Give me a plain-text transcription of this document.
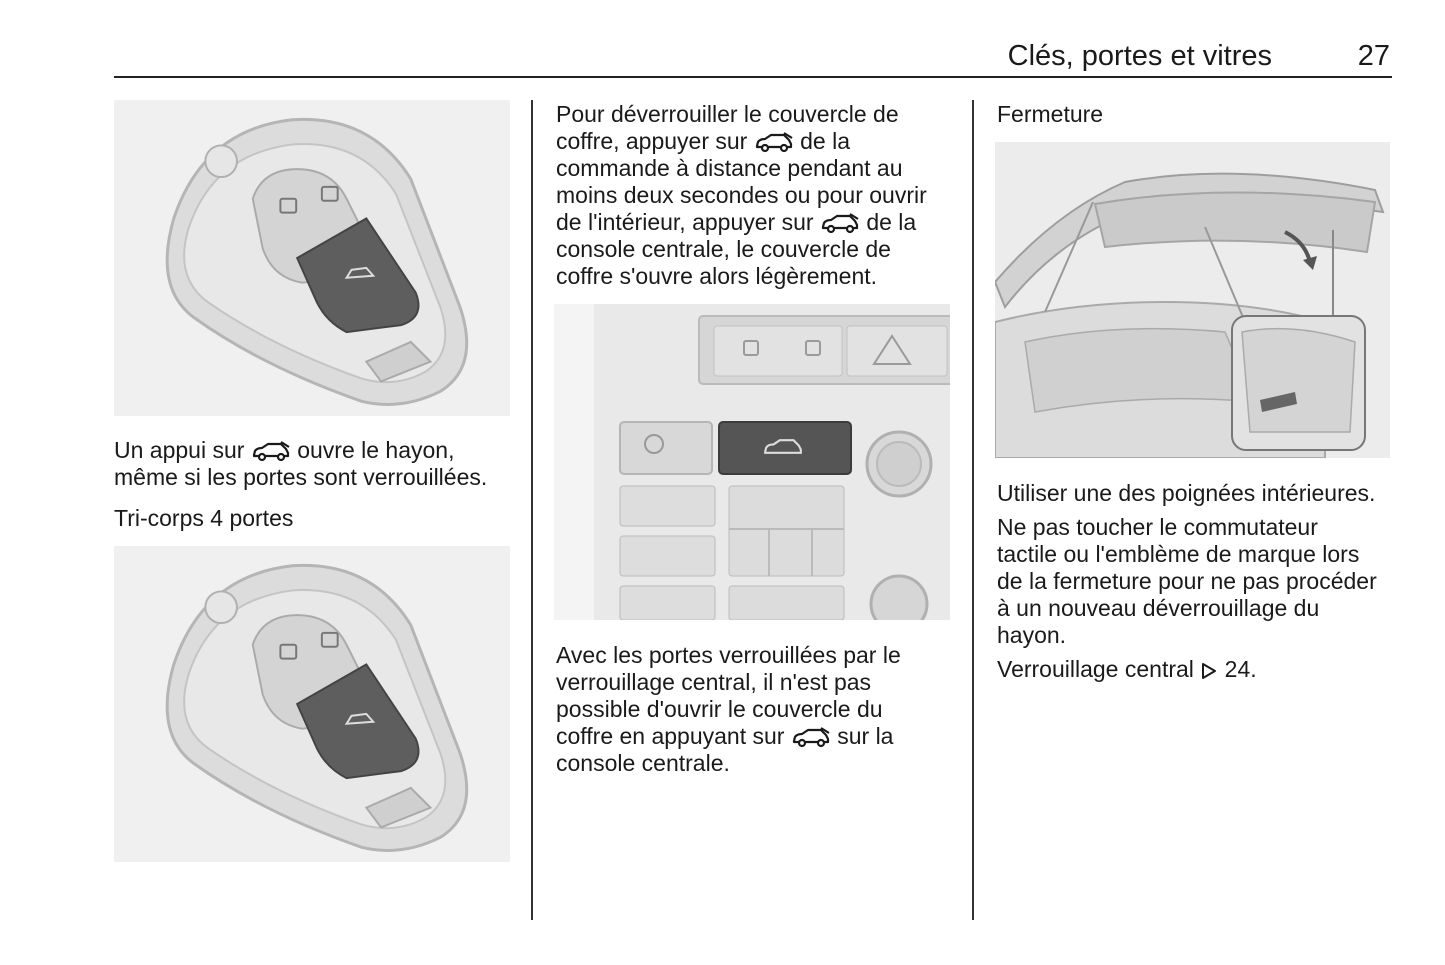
Clés, portes et vitres	27
Un appui sur  ouvre le hayon,
même si les portes sont verrouillées.
Tri-corps 4 portes
Pour déverrouiller le couvercle de
coffre, appuyer sur  de la
commande à distance pendant au
moins deux secondes ou pour ouvrir
de l'intérieur, appuyer sur  de la
console centrale, le couvercle de
coffre s'ouvre alors légèrement.
Avec les portes verrouillées par le
verrouillage central, il n'est pas
possible d'ouvrir le couvercle du
coffre en appuyant sur  sur la
console centrale.
Fermeture
Utiliser une des poignées intérieures.
Ne pas toucher le commutateur
tactile ou l'emblème de marque lors
de la fermeture pour ne pas procéder
à un nouveau déverrouillage du
hayon.
Verrouillage central  24.
